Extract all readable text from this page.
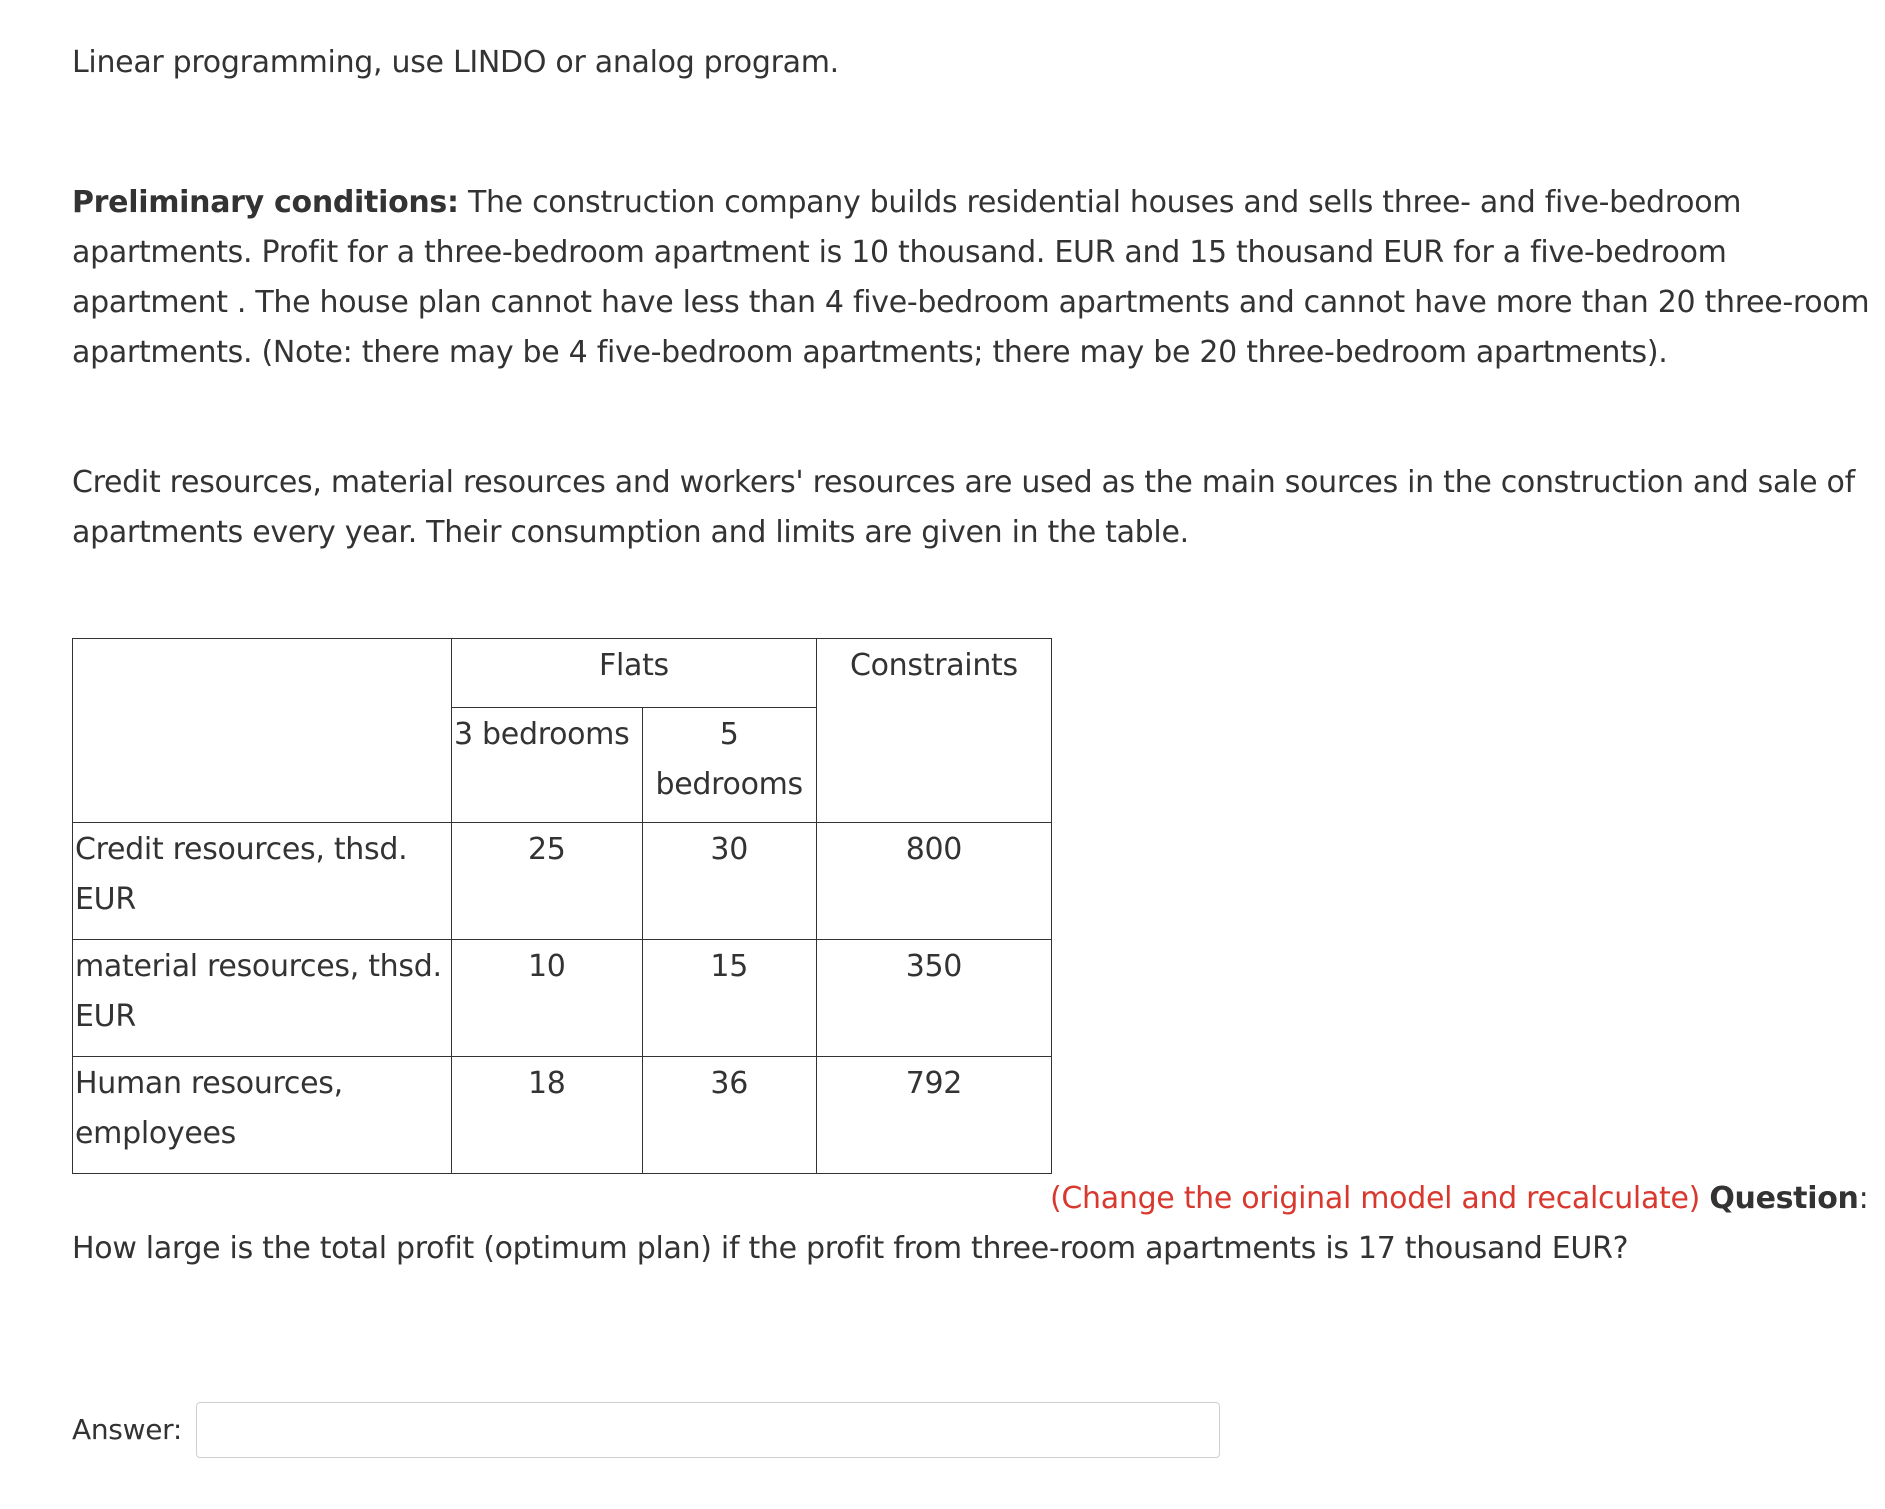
Linear programming, use LINDO or analog program.

Preliminary conditions: The construction company builds residential houses and sells three- and five-bedroom apartments. Profit for a three-bedroom apartment is 10 thousand. EUR and 15 thousand EUR for a five-bedroom apartment . The house plan cannot have less than 4 five-bedroom apartments and cannot have more than 20 three-room apartments. (Note: there may be 4 five-bedroom apartments; there may be 20 three-bedroom apartments).

Credit resources, material resources and workers' resources are used as the main sources in the construction and sale of apartments every year. Their consumption and limits are given in the table.

	Flats		Constraints
	3 bedrooms	5 bedrooms	
Credit resources, thsd. EUR	25	30	800
material resources, thsd. EUR	10	15	350
Human resources, employees	18	36	792

(Change the original model and recalculate) Question:

How large is the total profit (optimum plan) if the profit from three-room apartments is 17 thousand EUR?

Answer:
